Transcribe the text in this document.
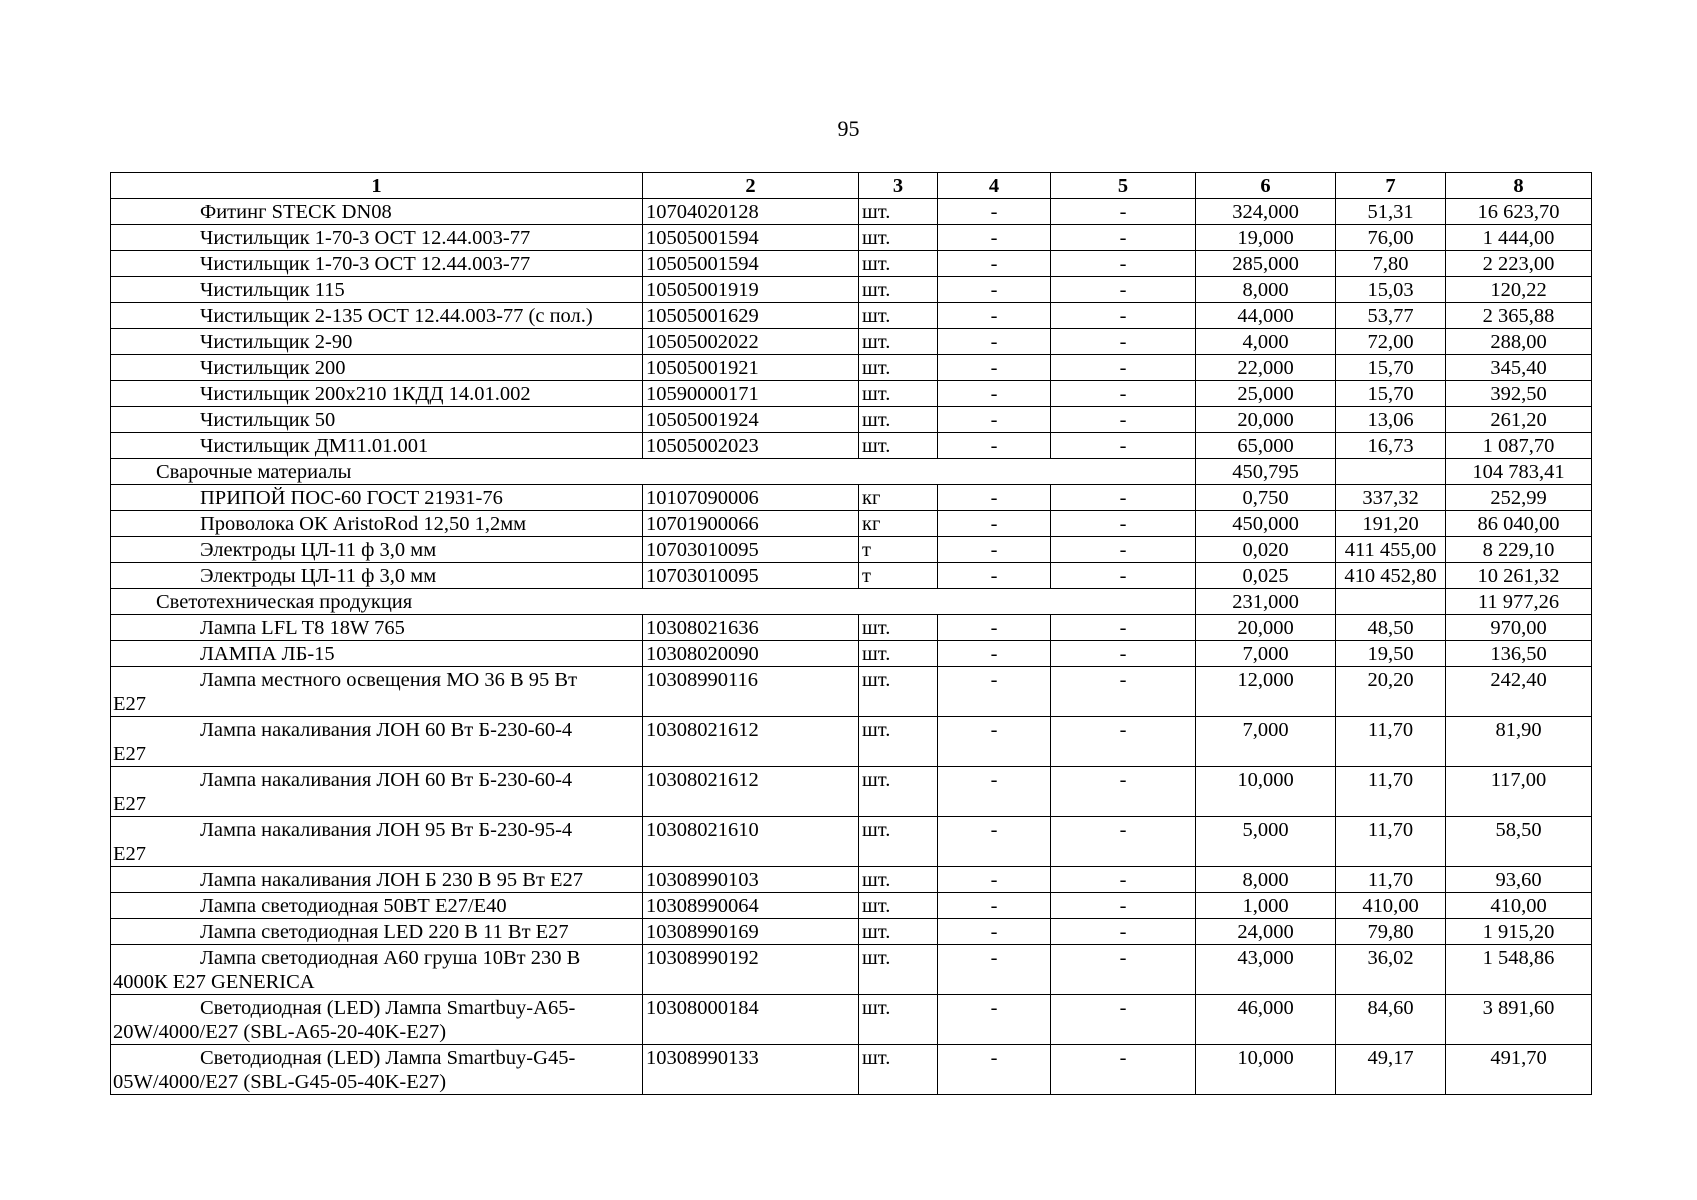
95
1	2	3	4	5	6	7	8
Фитинг STECK DN08	10704020128	шт.	-	-	324,000	51,31	16 623,70
Чистильщик 1-70-3 ОСТ 12.44.003-77	10505001594	шт.	-	-	19,000	76,00	1 444,00
Чистильщик 1-70-3 ОСТ 12.44.003-77	10505001594	шт.	-	-	285,000	7,80	2 223,00
Чистильщик 115	10505001919	шт.	-	-	8,000	15,03	120,22
Чистильщик 2-135 ОСТ 12.44.003-77 (с пол.)	10505001629	шт.	-	-	44,000	53,77	2 365,88
Чистильщик 2-90	10505002022	шт.	-	-	4,000	72,00	288,00
Чистильщик 200	10505001921	шт.	-	-	22,000	15,70	345,40
Чистильщик 200х210 1КДД 14.01.002	10590000171	шт.	-	-	25,000	15,70	392,50
Чистильщик 50	10505001924	шт.	-	-	20,000	13,06	261,20
Чистильщик ДМ11.01.001	10505002023	шт.	-	-	65,000	16,73	1 087,70
Сварочные материалы					450,795		104 783,41
ПРИПОЙ ПОС-60 ГОСТ 21931-76	10107090006	кг	-	-	0,750	337,32	252,99
Проволока ОК AristoRod 12,50 1,2мм	10701900066	кг	-	-	450,000	191,20	86 040,00
Электроды ЦЛ-11 ф 3,0 мм	10703010095	т	-	-	0,020	411 455,00	8 229,10
Электроды ЦЛ-11 ф 3,0 мм	10703010095	т	-	-	0,025	410 452,80	10 261,32
Светотехническая продукция					231,000		11 977,26
Лампа LFL T8 18W 765	10308021636	шт.	-	-	20,000	48,50	970,00
ЛАМПА ЛБ-15	10308020090	шт.	-	-	7,000	19,50	136,50
Лампа местного освещения МО 36 В 95 Вт
Е27	10308990116	шт.	-	-	12,000	20,20	242,40
Лампа накаливания ЛОН 60 Вт Б-230-60-4
Е27	10308021612	шт.	-	-	7,000	11,70	81,90
Лампа накаливания ЛОН 60 Вт Б-230-60-4
Е27	10308021612	шт.	-	-	10,000	11,70	117,00
Лампа накаливания ЛОН 95 Вт Б-230-95-4
Е27	10308021610	шт.	-	-	5,000	11,70	58,50
Лампа накаливания ЛОН Б 230 В 95 Вт Е27	10308990103	шт.	-	-	8,000	11,70	93,60
Лампа светодиодная 50ВТ Е27/Е40	10308990064	шт.	-	-	1,000	410,00	410,00
Лампа светодиодная LED 220 В 11 Вт Е27	10308990169	шт.	-	-	24,000	79,80	1 915,20
Лампа светодиодная А60 груша 10Вт 230 В
4000К Е27 GENERICA	10308990192	шт.	-	-	43,000	36,02	1 548,86
Светодиодная (LED) Лампа Smartbuy-A65-
20W/4000/E27 (SBL-A65-20-40K-E27)	10308000184	шт.	-	-	46,000	84,60	3 891,60
Светодиодная (LED) Лампа Smartbuy-G45-
05W/4000/E27 (SBL-G45-05-40K-E27)	10308990133	шт.	-	-	10,000	49,17	491,70
